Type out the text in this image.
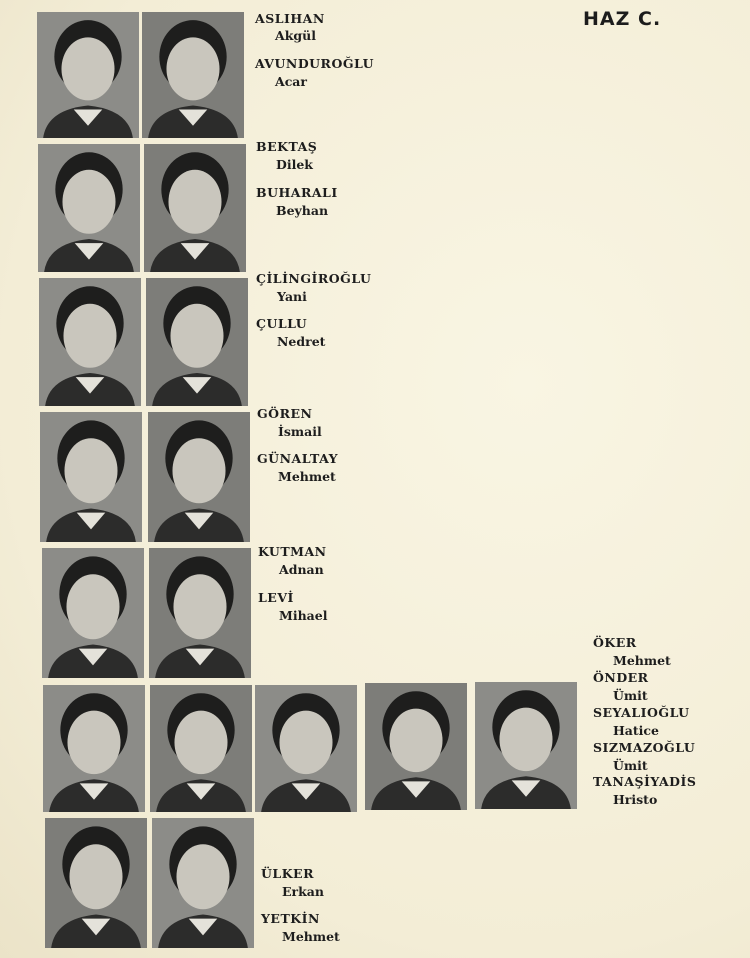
HAZ C.
ASLIHAN
Akgül
AVUNDUROĞLU
Acar
BEKTAŞ
Dilek
BUHARALI
Beyhan
ÇİLİNGİROĞLU
Yani
ÇULLU
Nedret
GÖREN
İsmail
GÜNALTAY
Mehmet
KUTMAN
Adnan
LEVİ
Mihael
ÖKER
Mehmet
ÖNDER
Ümit
SEYALIOĞLU
Hatice
SIZMAZOĞLU
Ümit
TANAŞİYADİS
Hristo
ÜLKER
Erkan
YETKİN
Mehmet
